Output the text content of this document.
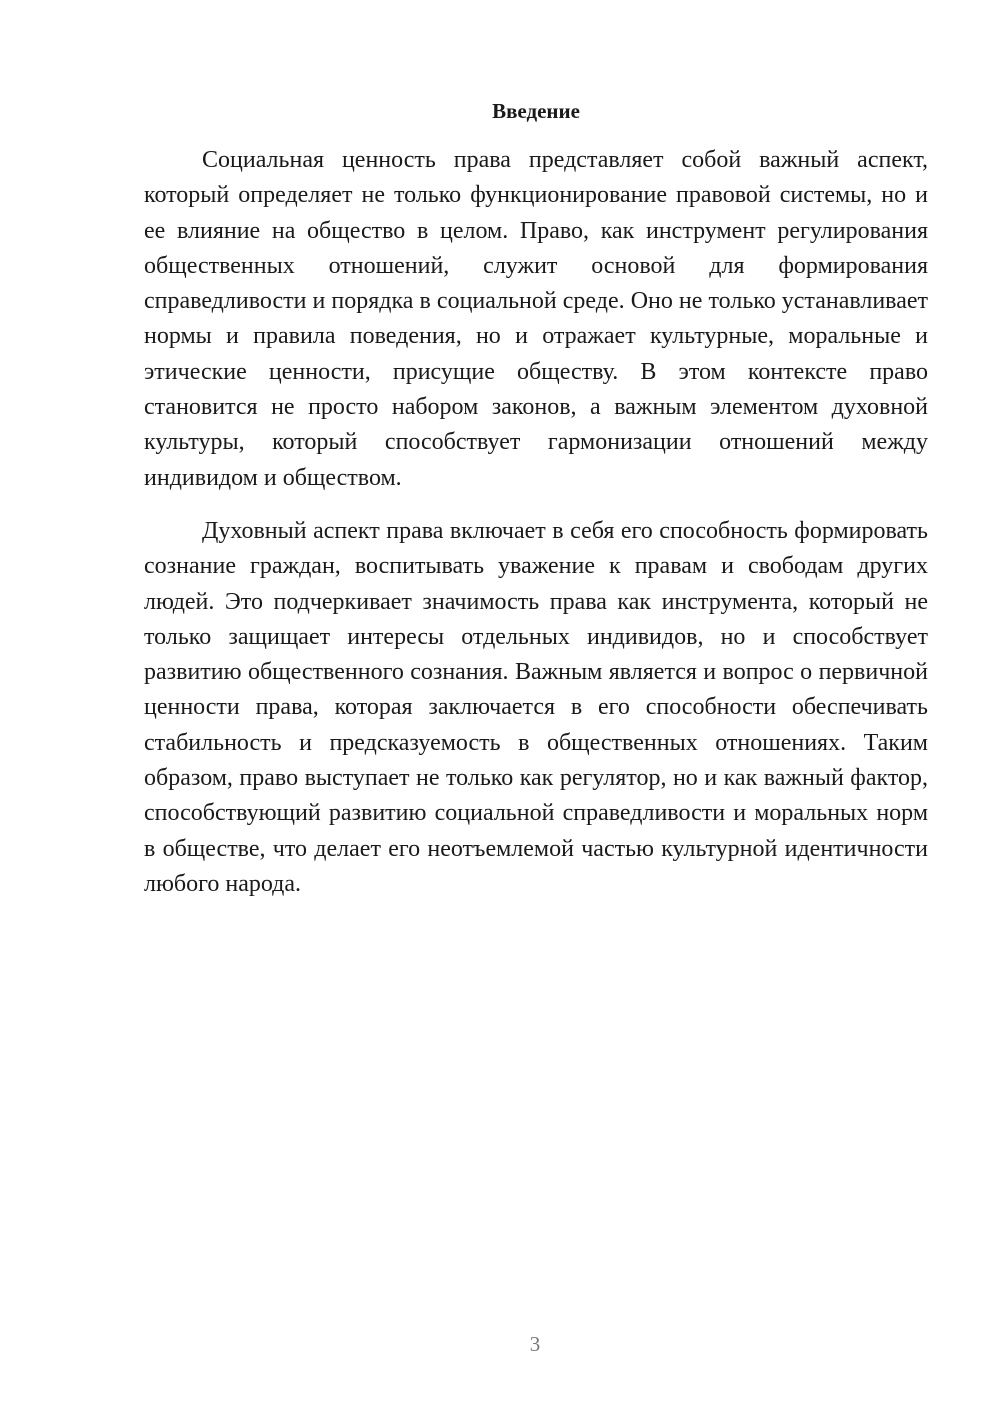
Введение

Социальная ценность права представляет собой важный аспект, который определяет не только функционирование правовой системы, но и ее влияние на общество в целом. Право, как инструмент регулирования общественных отношений, служит основой для формирования справедливости и порядка в социальной среде. Оно не только устанавливает нормы и правила поведения, но и отражает культурные, моральные и этические ценности, присущие обществу. В этом контексте право становится не просто набором законов, а важным элементом духовной культуры, который способствует гармонизации отношений между индивидом и обществом.

Духовный аспект права включает в себя его способность формировать сознание граждан, воспитывать уважение к правам и свободам других людей. Это подчеркивает значимость права как инструмента, который не только защищает интересы отдельных индивидов, но и способствует развитию общественного сознания. Важным является и вопрос о первичной ценности права, которая заключается в его способности обеспечивать стабильность и предсказуемость в общественных отношениях. Таким образом, право выступает не только как регулятор, но и как важный фактор, способствующий развитию социальной справедливости и моральных норм в обществе, что делает его неотъемлемой частью культурной идентичности любого народа.

3
